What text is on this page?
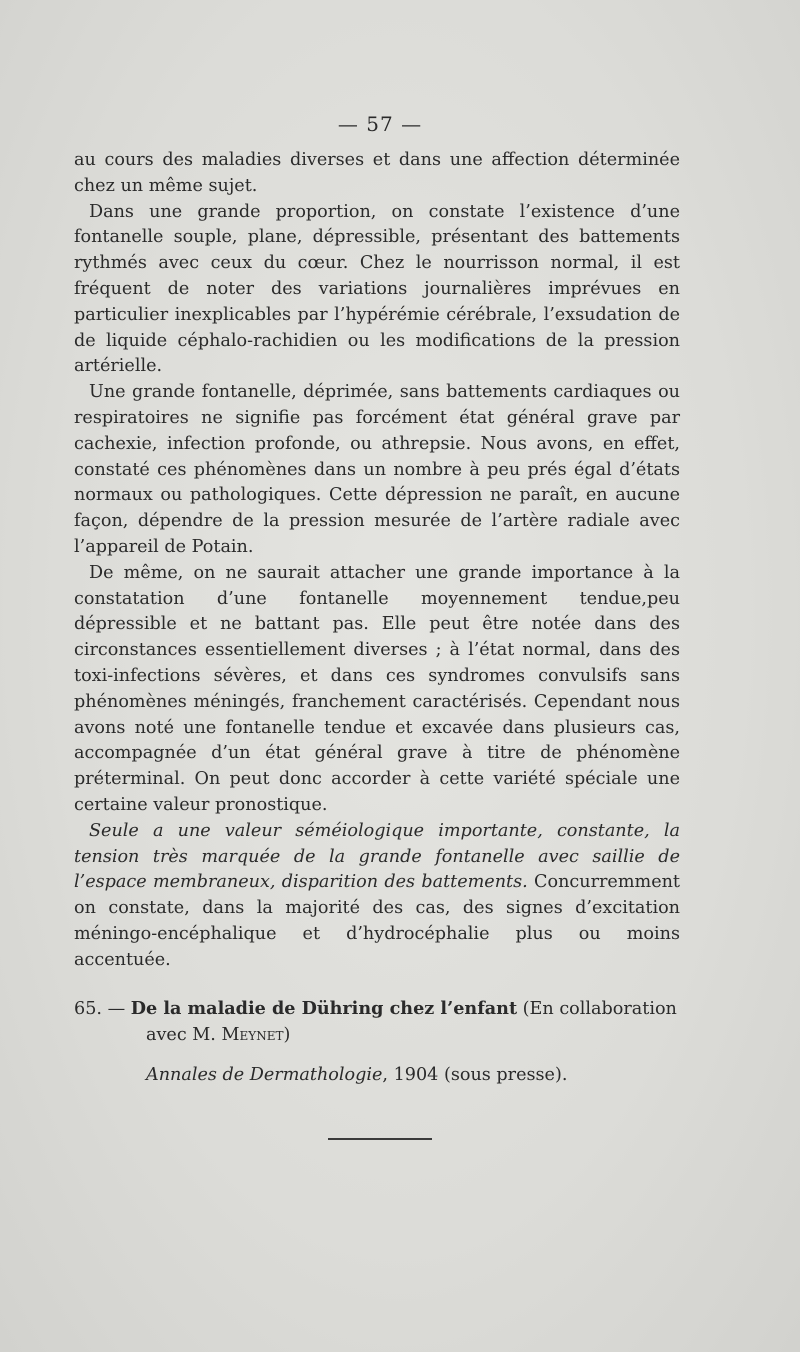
— 57 —

au cours des maladies diverses et dans une affection déterminée chez un même sujet.

Dans une grande proportion, on constate l’existence d’une fontanelle souple, plane, dépressible, présentant des battements rythmés avec ceux du cœur. Chez le nourrisson normal, il est fréquent de noter des variations journalières imprévues en particulier inexplicables par l’hypérémie cérébrale, l’exsudation de de liquide céphalo-rachidien ou les modifications de la pression artérielle.

Une grande fontanelle, déprimée, sans battements cardiaques ou respiratoires ne signifie pas forcément état général grave par cachexie, infection profonde, ou athrepsie. Nous avons, en effet, constaté ces phénomènes dans un nombre à peu prés égal d’états normaux ou pathologiques. Cette dépression ne paraît, en aucune façon, dépendre de la pression mesurée de l’artère radiale avec l’appareil de Potain.

De même, on ne saurait attacher une grande importance à la constatation d’une fontanelle moyennement tendue,peu dépressible et ne battant pas. Elle peut être notée dans des circonstances essentiellement diverses ; à l’état normal, dans des toxi-infections sévères, et dans ces syndromes convulsifs sans phénomènes méningés, franchement caractérisés. Cependant nous avons noté une fontanelle tendue et excavée dans plusieurs cas, accompagnée d’un état général grave à titre de phénomène préterminal. On peut donc accorder à cette variété spéciale une certaine valeur pronostique.

Seule a une valeur séméiologique importante, constante, la tension très marquée de la grande fontanelle avec saillie de l’espace membraneux, disparition des battements. Concurremment on constate, dans la majorité des cas, des signes d’excitation méningo-encéphalique et d’hydrocéphalie plus ou moins accentuée.

65. — De la maladie de Dühring chez l’enfant (En collaboration
avec M. Meynet)
Annales de Dermathologie, 1904 (sous presse).
